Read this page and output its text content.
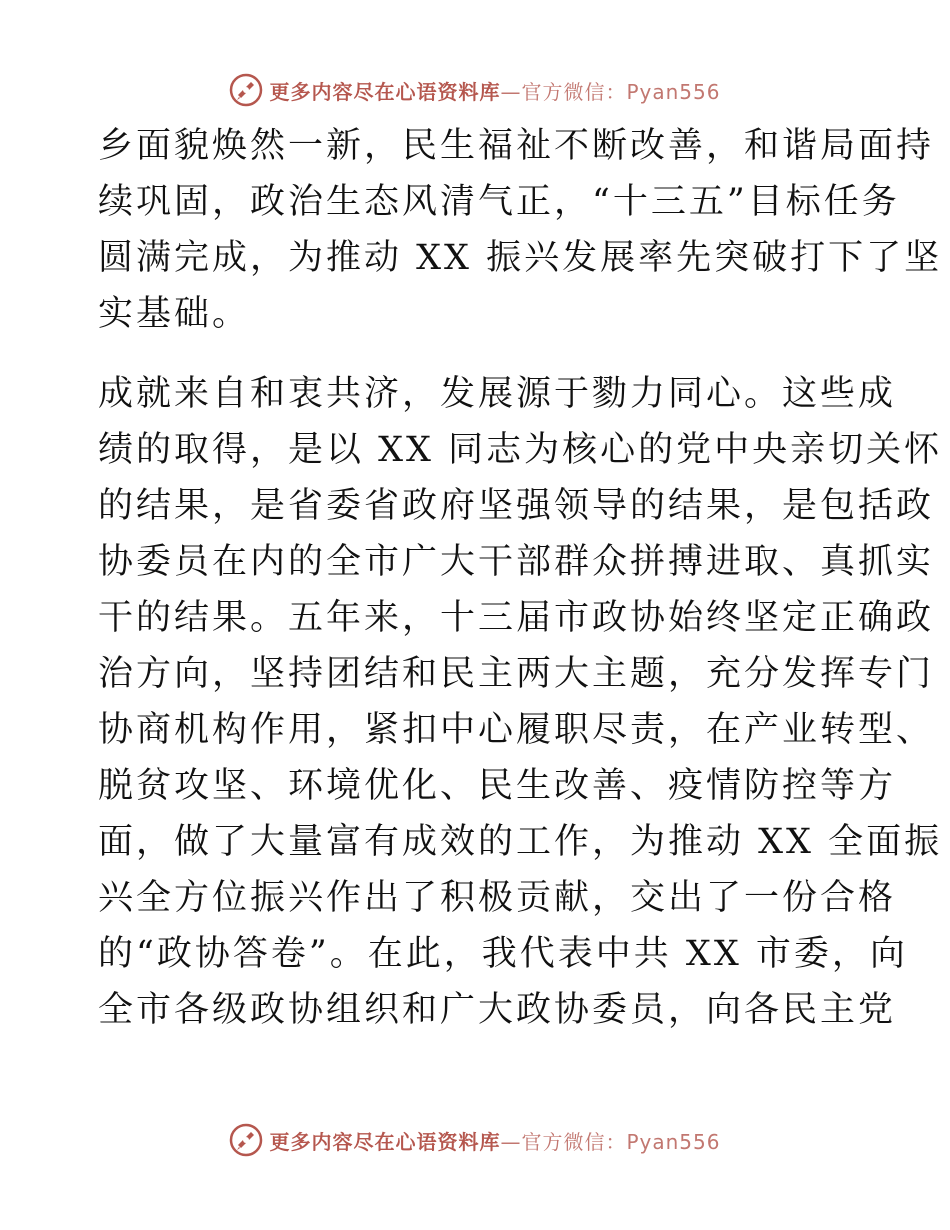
更多内容尽在心语资料库—官方微信：Pyan556
乡面貌焕然一新，民生福祉不断改善，和谐局面持
续巩固，政治生态风清气正，“十三五”目标任务
圆满完成，为推动 XX 振兴发展率先突破打下了坚
实基础。
成就来自和衷共济，发展源于勠力同心。这些成
绩的取得，是以 XX 同志为核心的党中央亲切关怀
的结果，是省委省政府坚强领导的结果，是包括政
协委员在内的全市广大干部群众拼搏进取、真抓实
干的结果。五年来，十三届市政协始终坚定正确政
治方向，坚持团结和民主两大主题，充分发挥专门
协商机构作用，紧扣中心履职尽责，在产业转型、
脱贫攻坚、环境优化、民生改善、疫情防控等方
面，做了大量富有成效的工作，为推动 XX 全面振
兴全方位振兴作出了积极贡献，交出了一份合格
的“政协答卷”。在此，我代表中共 XX 市委，向
全市各级政协组织和广大政协委员，向各民主党
更多内容尽在心语资料库—官方微信：Pyan556
